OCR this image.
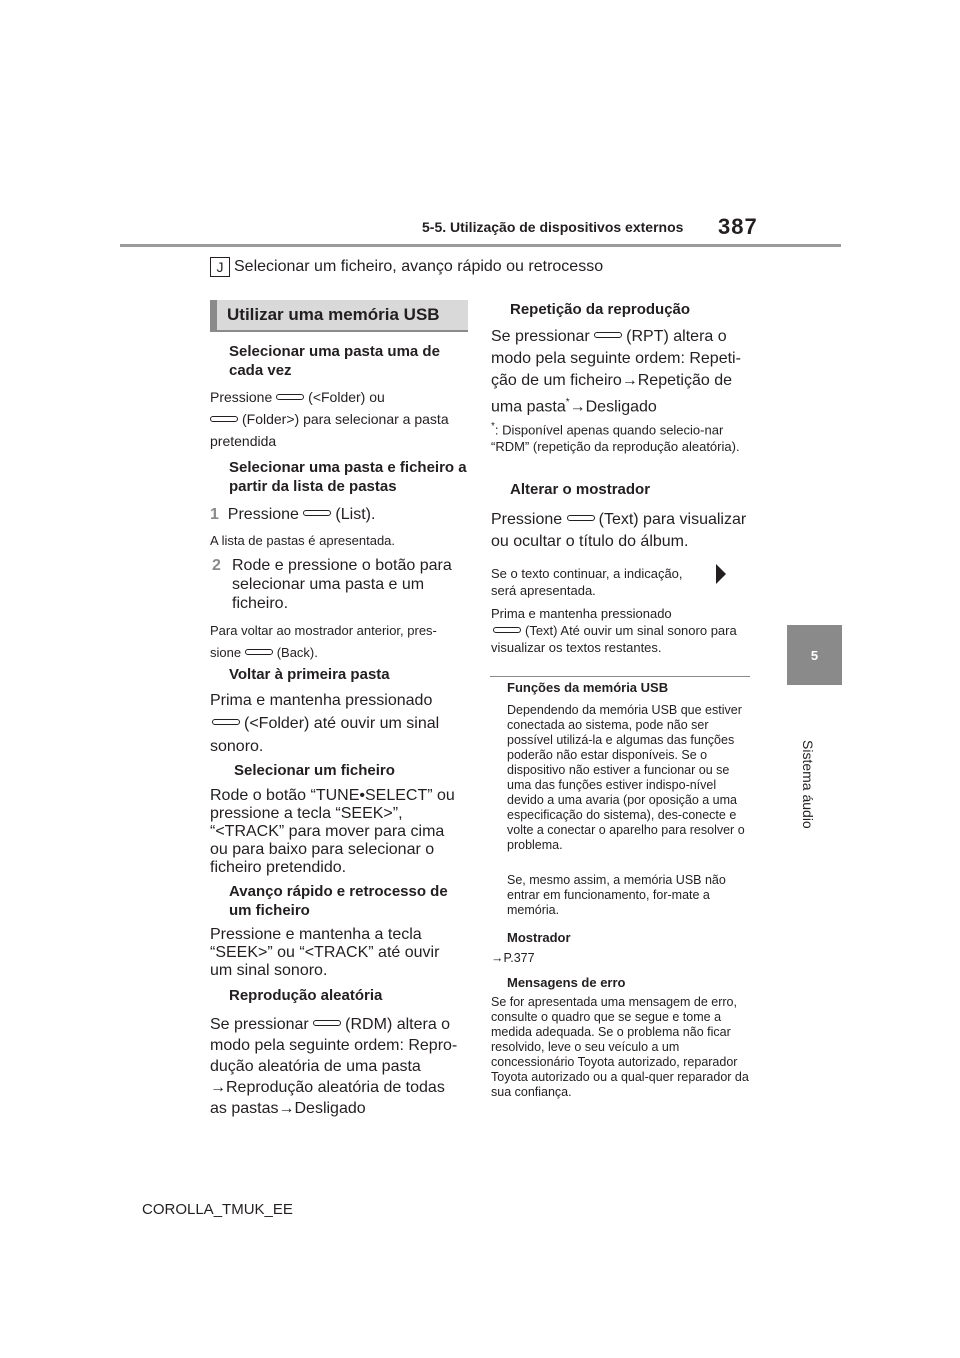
5-5. Utilização de dispositivos externos 387
5
Sistema áudio
J Selecionar um ficheiro, avanço rápido ou retrocesso
Utilizar uma memória USB
Selecionar uma pasta uma de cada vez
Pressione	(<Folder) ou
(Folder>) para selecionar a pasta pretendida
Selecionar uma pasta e ficheiro a partir da lista de pastas
1 Pressione (List).
A lista de pastas é apresentada.
2 Rode e pressione o botão para selecionar uma pasta e um ficheiro.
Para voltar ao mostrador anterior, pres-
sione	(Back).
Voltar à primeira pasta
Prima e mantenha pressionado
(<Folder) até ouvir um sinal sonoro.
Selecionar um ficheiro
Rode o botão “TUNE•SELECT” ou pressione a tecla “SEEK>”, “<TRACK” para mover para cima ou para baixo para selecionar o ficheiro pretendido.
Avanço rápido e retrocesso de um ficheiro
Pressione e mantenha a tecla “SEEK>” ou “<TRACK” até ouvir um sinal sonoro.
Reprodução aleatória
Se pressionar (RDM) altera o modo pela seguinte ordem: Repro-dução aleatória de uma pasta →Reprodução aleatória de todas as pastas→Desligado
Repetição da reprodução
Se pressionar (RPT) altera o modo pela seguinte ordem: Repeti-ção de um ficheiro→Repetição de uma pasta*→Desligado
*: Disponível apenas quando selecio-nar “RDM” (repetição da reprodução aleatória).
Alterar o mostrador
Pressione (Text) para visualizar ou ocultar o título do álbum.
Se o texto continuar, a indicação, será apresentada.
Prima e mantenha pressionado
(Text) Até ouvir um sinal sonoro para visualizar os textos restantes.
Funções da memória USB
Dependendo da memória USB que estiver conectada ao sistema, pode não ser possível utilizá-la e algumas das funções poderão não estar disponíveis. Se o dispositivo não estiver a funcionar ou se uma das funções estiver indispo-nível devido a uma avaria (por oposição a uma especificação do sistema), des-conecte e volte a conectar o aparelho para resolver o problema.
Se, mesmo assim, a memória USB não entrar em funcionamento, for-mate a memória.
Mostrador
→P.377
Mensagens de erro
Se for apresentada uma mensagem de erro, consulte o quadro que se segue e tome a medida adequada. Se o problema não ficar resolvido, leve o seu veículo a um concessionário Toyota autorizado, reparador Toyota autorizado ou a qual-quer reparador da sua confiança.
COROLLA_TMUK_EE
